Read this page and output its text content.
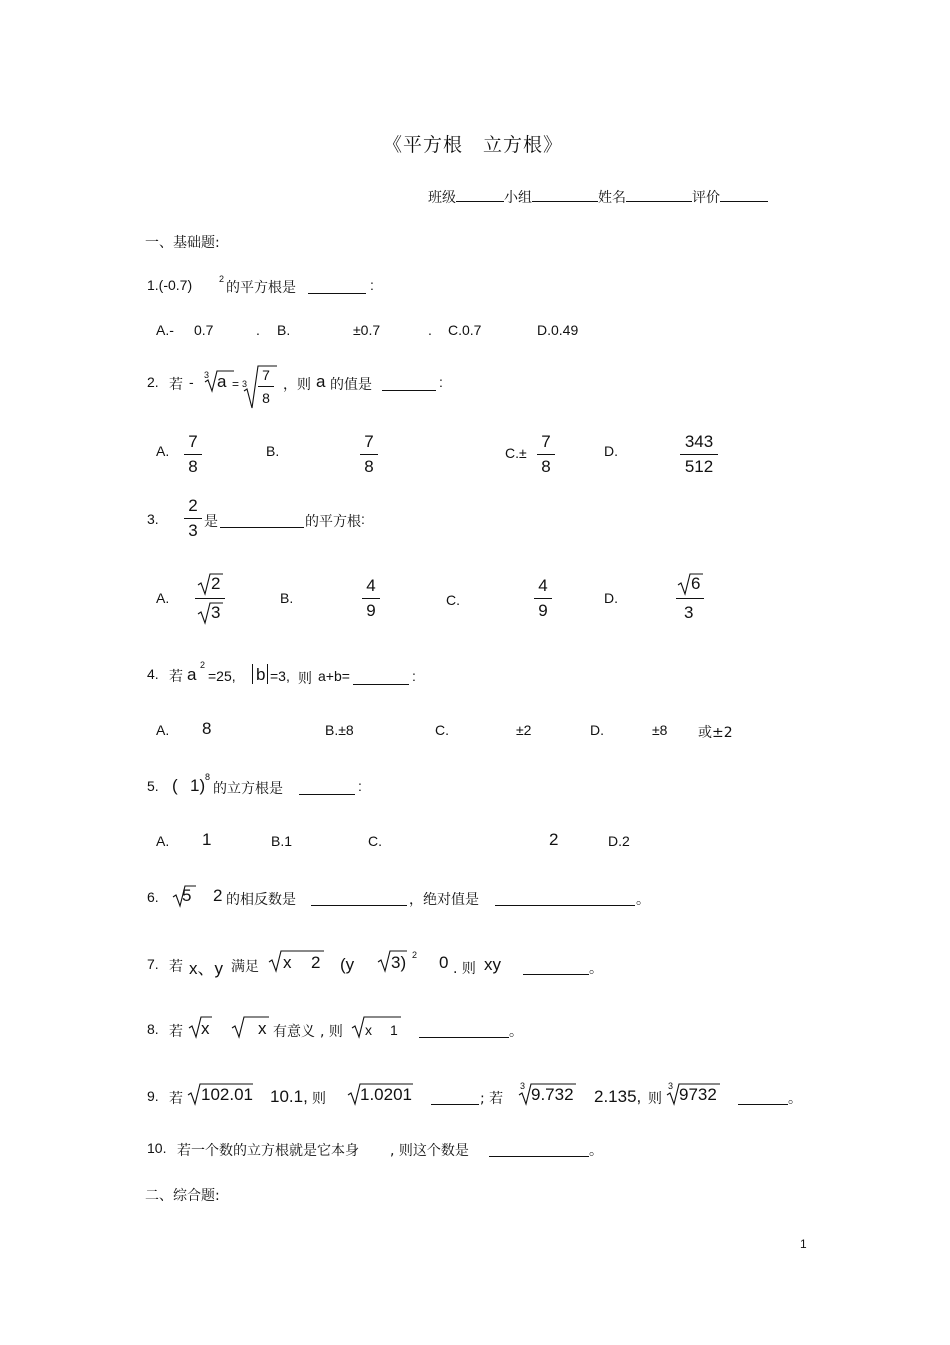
《平方根　立方根》
班级	小组	姓名	评价
一、基础题:
1.(-0.7)	2
的平方根是	:
A.- 0.7	. B.	±0.7	. C.0.7	D.0.49
2. 若 - 3 a = 3
7
8
，则 a 的值是	:
A. 7
8
B.	7
8
C.±
7
8
D.	343
512
3.
2
3 是	的平方根 :
A.
2
3
B.
4
9
C.
4
9
D.
6
3
4. 若 a 2
=25, b =3, 则 a+b=	:
A. 8	B.±8	C.	±2	D.	±8 或±2
5. ( 1) 8
的立方根是	:
A. 1	B.1	C.	2	D.2
6. 5 2 的相反数是	，绝对值是	。
7. 若 x、y 满足 x 2 (y 3) 2 0 . 则 xy	。
8. 若 x	x 有意义 , 则 x 1	。
9. 若 102.01 10.1, 则 1.0201	; 若
3 9.732 2.135, 则
3 9732	。
10. 若一个数的立方根就是它本身 , 则这个数是	。
二、综合题:
1
